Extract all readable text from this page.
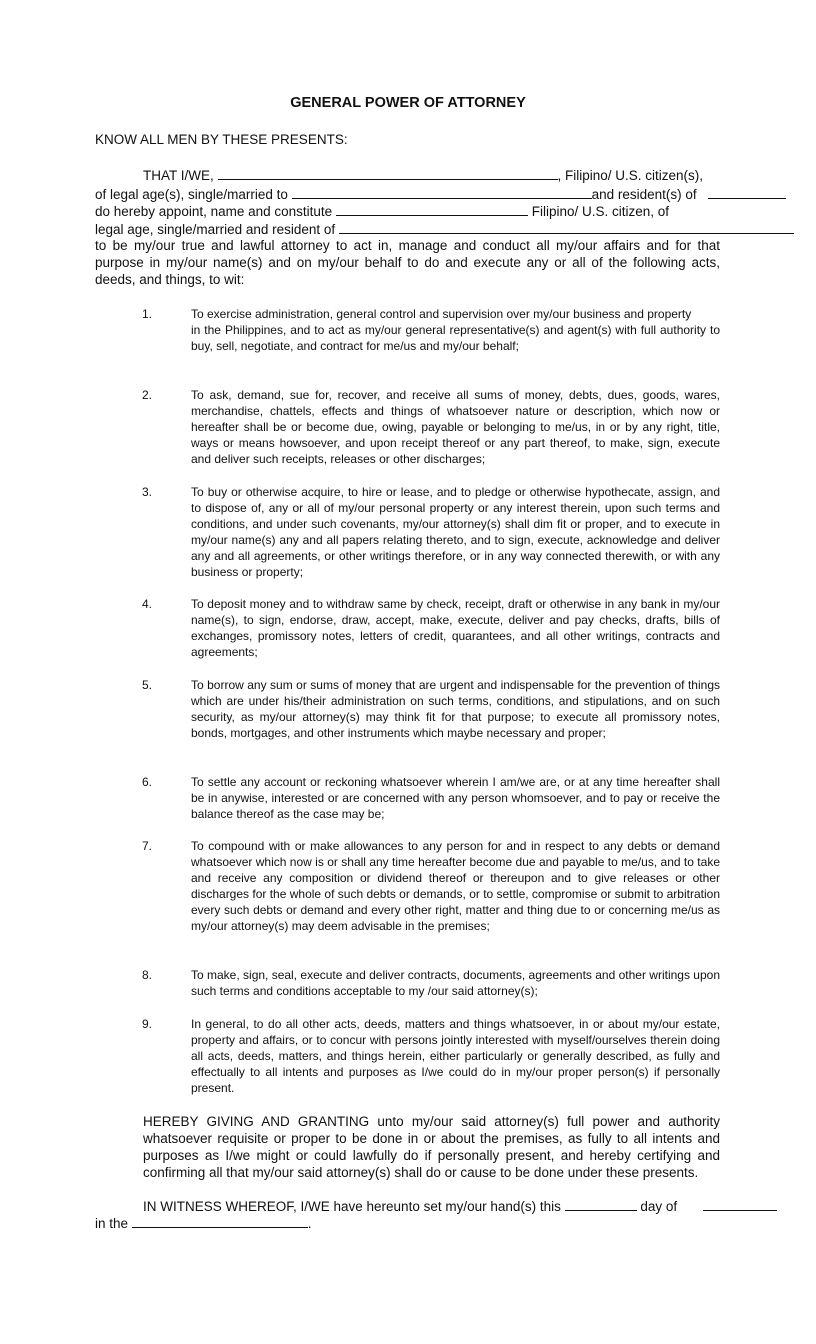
GENERAL POWER OF ATTORNEY

KNOW ALL MEN BY THESE PRESENTS:

THAT I/WE,	, Filipino/ U.S. citizen(s),

of legal age(s), single/married to	and resident(s) of

do hereby appoint, name and constitute	Filipino/ U.S. citizen, of

legal age, single/married and resident of

to be my/our true and lawful attorney to act in, manage and conduct all my/our affairs and for that purpose in my/our name(s) and on my/our behalf to do and execute any or all of the following acts, deeds, and things, to wit:

1.	To exercise administration, general control and supervision over my/our business and property
in the Philippines, and to act as my/our general representative(s) and agent(s) with full authority to buy, sell, negotiate, and contract for me/us and my/our behalf;

2.	To ask, demand, sue for, recover, and receive all sums of money, debts, dues, goods, wares, merchandise, chattels, effects and things of whatsoever nature or description, which now or hereafter shall be or become due, owing, payable or belonging to me/us, in or by any right, title, ways or means howsoever, and upon receipt thereof or any part thereof, to make, sign, execute and deliver such receipts, releases or other discharges;

3.	To buy or otherwise acquire, to hire or lease, and to pledge or otherwise hypothecate, assign, and to dispose of, any or all of my/our personal property or any interest therein, upon such terms and conditions, and under such covenants, my/our attorney(s) shall dim fit or proper, and to execute in my/our name(s) any and all papers relating thereto, and to sign, execute, acknowledge and deliver any and all agreements, or other writings therefore, or in any way connected therewith, or with any business or property;

4.	To deposit money and to withdraw same by check, receipt, draft or otherwise in any bank in my/our name(s), to sign, endorse, draw, accept, make, execute, deliver and pay checks, drafts, bills of exchanges, promissory notes, letters of credit, quarantees, and all other writings, contracts and agreements;

5.	To borrow any sum or sums of money that are urgent and indispensable for the prevention of things which are under his/their administration on such terms, conditions, and stipulations, and on such security, as my/our attorney(s) may think fit for that purpose; to execute all promissory notes, bonds, mortgages, and other instruments which maybe necessary and proper;

6.	To settle any account or reckoning whatsoever wherein I am/we are, or at any time hereafter shall be in anywise, interested or are concerned with any person whomsoever, and to pay or receive the balance thereof as the case may be;

7.	To compound with or make allowances to any person for and in respect to any debts or demand whatsoever which now is or shall any time hereafter become due and payable to me/us, and to take and receive any composition or dividend thereof or thereupon and to give releases or other discharges for the whole of such debts or demands, or to settle, compromise or submit to arbitration every such debts or demand and every other right, matter and thing due to or concerning me/us as my/our attorney(s) may deem advisable in the premises;

8.	To make, sign, seal, execute and deliver contracts, documents, agreements and other writings upon such terms and conditions acceptable to my /our said attorney(s);

9.	In general, to do all other acts, deeds, matters and things whatsoever, in or about my/our estate, property and affairs, or to concur with persons jointly interested with myself/ourselves therein doing all acts, deeds, matters, and things herein, either particularly or generally described, as fully and effectually to all intents and purposes as I/we could do in my/our proper person(s) if personally present.

HEREBY GIVING AND GRANTING unto my/our said attorney(s) full power and authority whatsoever requisite or proper to be done in or about the premises, as fully to all intents and purposes as I/we might or could lawfully do if personally present, and hereby certifying and confirming all that my/our said attorney(s) shall do or cause to be done under these presents.

IN WITNESS WHEREOF, I/WE have hereunto set my/our hand(s) this	day of

in the	.
